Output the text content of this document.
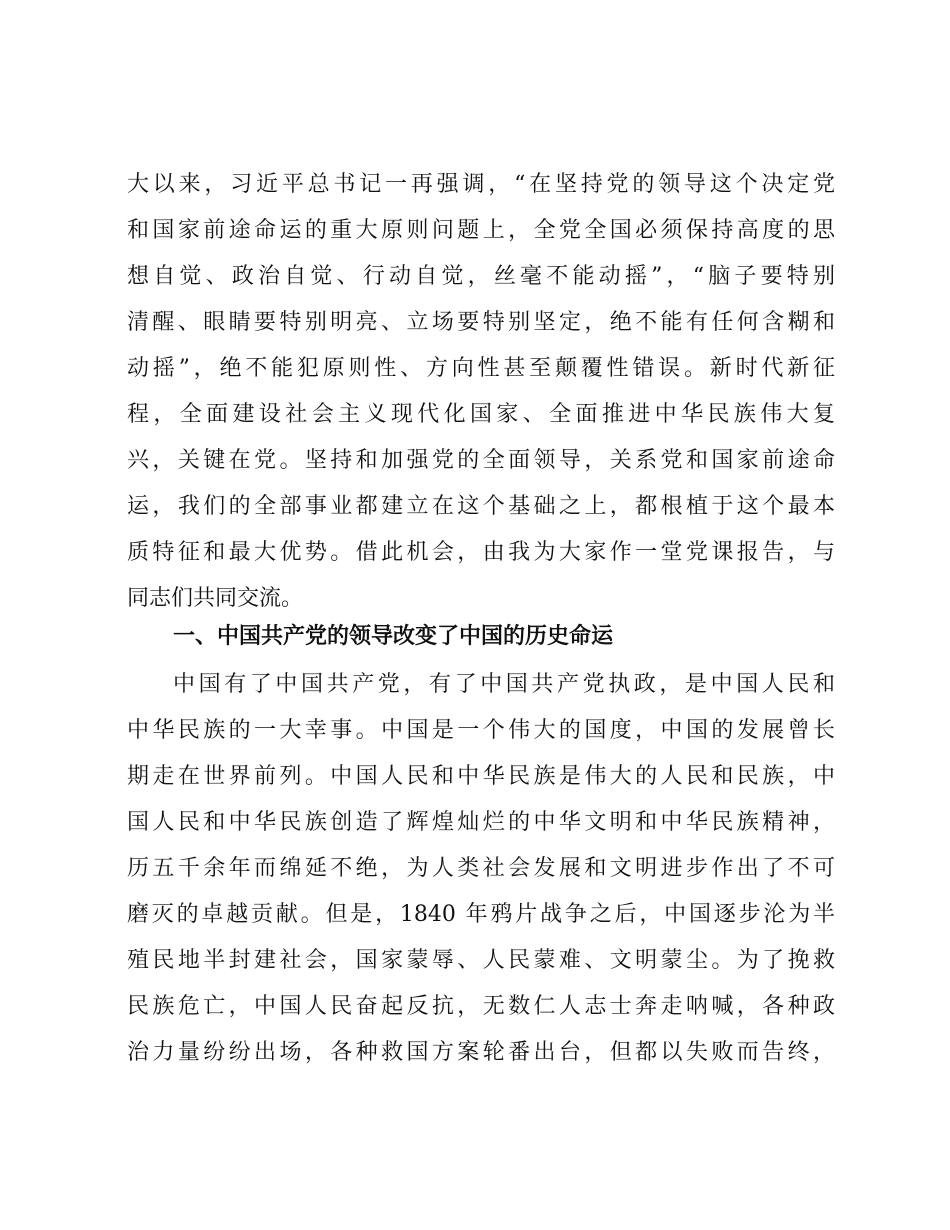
大以来，习近平总书记一再强调，“在坚持党的领导这个决定党
和国家前途命运的重大原则问题上，全党全国必须保持高度的思
想自觉、政治自觉、行动自觉，丝毫不能动摇”，“脑子要特别
清醒、眼睛要特别明亮、立场要特别坚定，绝不能有任何含糊和
动摇”，绝不能犯原则性、方向性甚至颠覆性错误。新时代新征
程，全面建设社会主义现代化国家、全面推进中华民族伟大复
兴，关键在党。坚持和加强党的全面领导，关系党和国家前途命
运，我们的全部事业都建立在这个基础之上，都根植于这个最本
质特征和最大优势。借此机会，由我为大家作一堂党课报告，与
同志们共同交流。
一、中国共产党的领导改变了中国的历史命运
中国有了中国共产党，有了中国共产党执政，是中国人民和
中华民族的一大幸事。中国是一个伟大的国度，中国的发展曾长
期走在世界前列。中国人民和中华民族是伟大的人民和民族，中
国人民和中华民族创造了辉煌灿烂的中华文明和中华民族精神，
历五千余年而绵延不绝，为人类社会发展和文明进步作出了不可
磨灭的卓越贡献。但是，1840 年鸦片战争之后，中国逐步沦为半
殖民地半封建社会，国家蒙辱、人民蒙难、文明蒙尘。为了挽救
民族危亡，中国人民奋起反抗，无数仁人志士奔走呐喊，各种政
治力量纷纷出场，各种救国方案轮番出台，但都以失败而告终，
